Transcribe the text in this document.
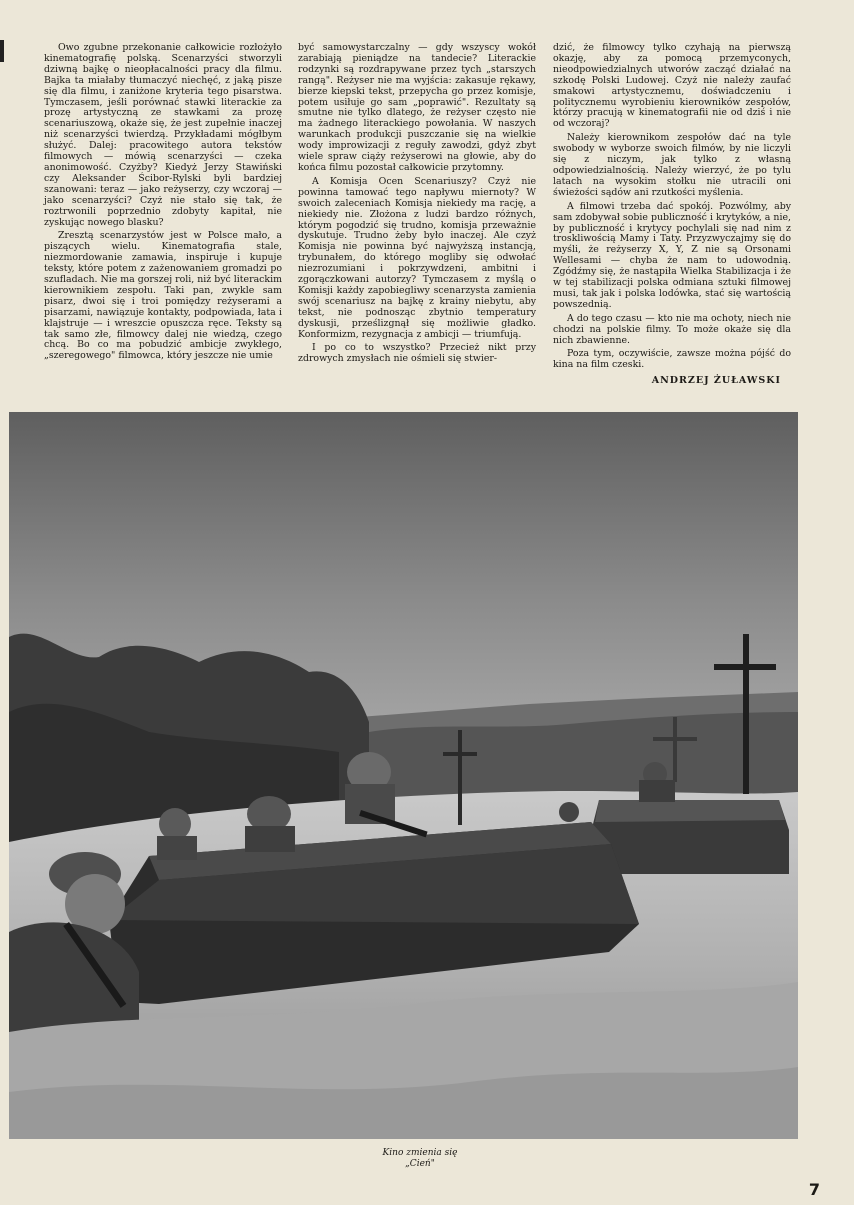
Owo zgubne przekonanie całkowicie rozłożyło kinematografię polską. Scenarzyści stworzyli dziwną bajkę o nieopłacalności pracy dla filmu. Bajka ta miałaby tłumaczyć niechęć, z jaką pisze się dla filmu, i zaniżone kryteria tego pisarstwa. Tymczasem, jeśli porównać stawki literackie za prozę artystyczną ze stawkami za prozę scenariuszową, okaże się, że jest zupełnie inaczej niż scenarzyści twierdzą. Przykładami mógłbym służyć. Dalej: pracowitego autora tekstów filmowych — mówią scenarzyści — czeka anonimowość. Czyżby? Kiedyż Jerzy Stawiński czy Aleksander Ścibor-Rylski byli bardziej szanowani: teraz — jako reżyserzy, czy wczoraj — jako scenarzyści? Czyż nie stało się tak, że roztrwonili poprzednio zdobyty kapitał, nie zyskując nowego blasku?

Zresztą scenarzystów jest w Polsce mało, a piszących wielu. Kinematografia stale, niezmordowanie zamawia, inspiruje i kupuje teksty, które potem z zażenowaniem gromadzi po szufladach. Nie ma gorszej roli, niż być literackim kierownikiem zespołu. Taki pan, zwykle sam pisarz, dwoi się i troi pomiędzy reżyserami a pisarzami, nawiązuje kontakty, podpowiada, łata i klajstruje — i wreszcie opuszcza ręce. Teksty są tak samo złe, filmowcy dalej nie wiedzą, czego chcą. Bo co ma pobudzić ambicje zwykłego, „szeregowego" filmowca, który jeszcze nie umie

być samowystarczalny — gdy wszyscy wokół zarabiają pieniądze na tandecie? Literackie rodzynki są rozdrapywane przez tych „starszych rangą". Reżyser nie ma wyjścia: zakasuje rękawy, bierze kiepski tekst, przepycha go przez komisje, potem usiłuje go sam „poprawić". Rezultaty są smutne nie tylko dlatego, że reżyser często nie ma żadnego literackiego powołania. W naszych warunkach produkcji puszczanie się na wielkie wody improwizacji z reguły zawodzi, gdyż zbyt wiele spraw ciąży reżyserowi na głowie, aby do końca filmu pozostał całkowicie przytomny.

A Komisja Ocen Scenariuszy? Czyż nie powinna tamować tego napływu miernoty? W swoich zaleceniach Komisja niekiedy ma rację, a niekiedy nie. Złożona z ludzi bardzo różnych, którym pogodzić się trudno, komisja przeważnie dyskutuje. Trudno żeby było inaczej. Ale czyż Komisja nie powinna być najwyższą instancją, trybunałem, do którego mogliby się odwołać niezrozumiani i pokrzywdzeni, ambitni i zgorączkowani autorzy? Tymczasem z myślą o Komisji każdy zapobiegliwy scenarzysta zamienia swój scenariusz na bajkę z krainy niebytu, aby tekst, nie podnosząc zbytnio temperatury dyskusji, prześlizgnął się możliwie gładko. Konformizm, rezygnacja z ambicji — triumfują.

I po co to wszystko? Przecież nikt przy zdrowych zmysłach nie ośmieli się stwier-

dzić, że filmowcy tylko czyhają na pierwszą okazję, aby za pomocą przemyconych, nieodpowiedzialnych utworów zacząć działać na szkodę Polski Ludowej. Czyż nie należy zaufać smakowi artystycznemu, doświadczeniu i politycznemu wyrobieniu kierowników zespołów, którzy pracują w kinematografii nie od dziś i nie od wczoraj?

Należy kierownikom zespołów dać na tyle swobody w wyborze swoich filmów, by nie liczyli się z niczym, jak tylko z własną odpowiedzialnością. Należy wierzyć, że po tylu latach na wysokim stołku nie utracili oni świeżości sądów ani rzutkości myślenia.

A filmowi trzeba dać spokój. Pozwólmy, aby sam zdobywał sobie publiczność i krytyków, a nie, by publiczność i krytycy pochylali się nad nim z troskliwością Mamy i Taty. Przyzwyczajmy się do myśli, że reżyserzy X, Y, Z nie są Orsonami Wellesami — chyba że nam to udowodnią. Zgódźmy się, że nastąpiła Wielka Stabilizacja i że w tej stabilizacji polska odmiana sztuki filmowej musi, tak jak i polska lodówka, stać się wartością powszednią.

A do tego czasu — kto nie ma ochoty, niech nie chodzi na polskie filmy. To może okaże się dla nich zbawienne.

Poza tym, oczywiście, zawsze można pójść do kina na film czeski.

ANDRZEJ ŻUŁAWSKI
Kino zmienia się
„Cień"
7
